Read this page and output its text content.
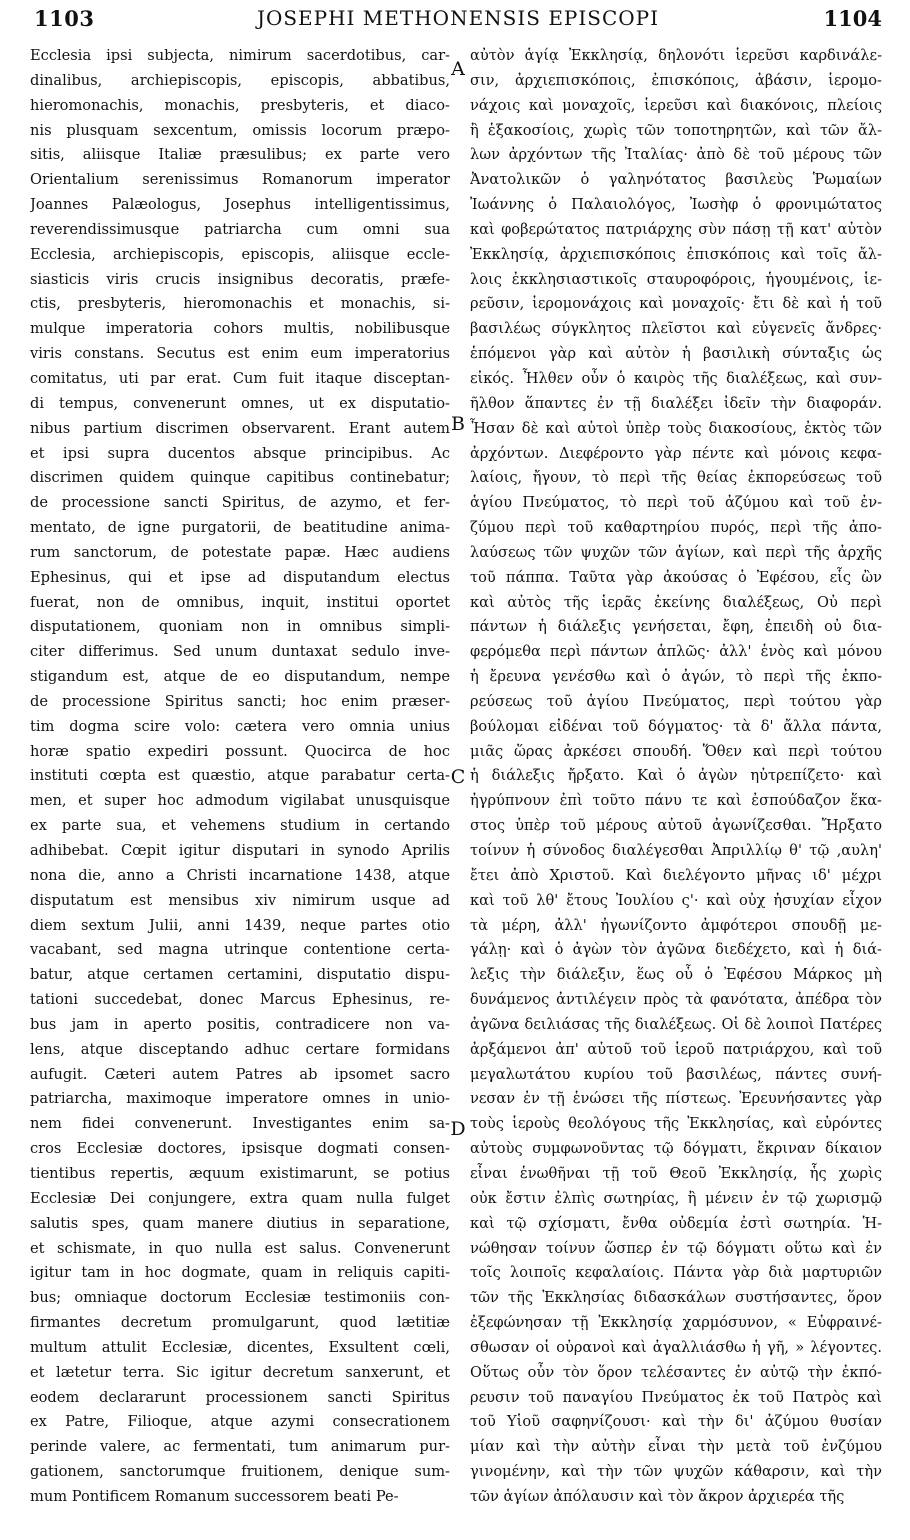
1103	JOSEPHI METHONENSIS EPISCOPI	1104
A
B
C
D
Ecclesia ipsi subjecta, nimirum sacerdotibus, car-
dinalibus, archiepiscopis, episcopis, abbatibus,
hieromonachis, monachis, presbyteris, et diaco-
nis plusquam sexcentum, omissis locorum præpo-
sitis, aliisque Italiæ præsulibus; ex parte vero
Orientalium serenissimus Romanorum imperator
Joannes Palæologus, Josephus intelligentissimus,
reverendissimusque patriarcha cum omni sua
Ecclesia, archiepiscopis, episcopis, aliisque eccle-
siasticis viris crucis insignibus decoratis, præfe-
ctis, presbyteris, hieromonachis et monachis, si-
mulque imperatoria cohors multis, nobilibusque
viris constans. Secutus est enim eum imperatorius
comitatus, uti par erat. Cum fuit itaque disceptan-
di tempus, convenerunt omnes, ut ex disputatio-
nibus partium discrimen observarent. Erant autem
et ipsi supra ducentos absque principibus. Ac
discrimen quidem quinque capitibus continebatur;
de processione sancti Spiritus, de azymo, et fer-
mentato, de igne purgatorii, de beatitudine anima-
rum sanctorum, de potestate papæ. Hæc audiens
Ephesinus, qui et ipse ad disputandum electus
fuerat, non de omnibus, inquit, institui oportet
disputationem, quoniam non in omnibus simpli-
citer differimus. Sed unum duntaxat sedulo inve-
stigandum est, atque de eo disputandum, nempe
de processione Spiritus sancti; hoc enim præser-
tim dogma scire volo: cætera vero omnia unius
horæ spatio expediri possunt. Quocirca de hoc
instituti cœpta est quæstio, atque parabatur certa-
men, et super hoc admodum vigilabat unusquisque
ex parte sua, et vehemens studium in certando
adhibebat. Cœpit igitur disputari in synodo Aprilis
nona die, anno a Christi incarnatione 1438, atque
disputatum est mensibus xiv nimirum usque ad
diem sextum Julii, anni 1439, neque partes otio
vacabant, sed magna utrinque contentione certa-
batur, atque certamen certamini, disputatio dispu-
tationi succedebat, donec Marcus Ephesinus, re-
bus jam in aperto positis, contradicere non va-
lens, atque disceptando adhuc certare formidans
aufugit. Cæteri autem Patres ab ipsomet sacro
patriarcha, maximoque imperatore omnes in unio-
nem fidei convenerunt. Investigantes enim sa-
cros Ecclesiæ doctores, ipsisque dogmati consen-
tientibus repertis, æquum existimarunt, se potius
Ecclesiæ Dei conjungere, extra quam nulla fulget
salutis spes, quam manere diutius in separatione,
et schismate, in quo nulla est salus. Convenerunt
igitur tam in hoc dogmate, quam in reliquis capiti-
bus; omniaque doctorum Ecclesiæ testimoniis con-
firmantes decretum promulgarunt, quod lætitiæ
multum attulit Ecclesiæ, dicentes, Exsultent cœli,
et lætetur terra. Sic igitur decretum sanxerunt, et
eodem declararunt processionem sancti Spiritus
ex Patre, Filioque, atque azymi consecrationem
perinde valere, ac fermentati, tum animarum pur-
gationem, sanctorumque fruitionem, denique sum-
mum Pontificem Romanum successorem beati Pe-
αὐτὸν ἁγίᾳ Ἐκκλησίᾳ, δηλονότι ἱερεῦσι καρδινάλε-
σιν, ἀρχιεπισκόποις, ἐπισκόποις, ἀβάσιν, ἱερομο-
νάχοις καὶ μοναχοῖς, ἱερεῦσι καὶ διακόνοις, πλείοις
ἢ ἑξακοσίοις, χωρὶς τῶν τοποτηρητῶν, καὶ τῶν ἄλ-
λων ἀρχόντων τῆς Ἰταλίας· ἀπὸ δὲ τοῦ μέρους τῶν
Ἀνατολικῶν ὁ γαληνότατος βασιλεὺς Ῥωμαίων
Ἰωάννης ὁ Παλαιολόγος, Ἰωσὴφ ὁ φρονιμώτατος
καὶ φοβερώτατος πατριάρχης σὺν πάσῃ τῇ κατ' αὐτὸν
Ἐκκλησίᾳ, ἀρχιεπισκόποις ἐπισκόποις καὶ τοῖς ἄλ-
λοις ἐκκλησιαστικοῖς σταυροφόροις, ἡγουμένοις, ἱε-
ρεῦσιν, ἱερομονάχοις καὶ μοναχοῖς· ἔτι δὲ καὶ ἡ τοῦ
βασιλέως σύγκλητος πλεῖστοι καὶ εὐγενεῖς ἄνδρες·
ἑπόμενοι γὰρ καὶ αὐτὸν ἡ βασιλικὴ σύνταξις ὡς
εἰκός. Ἦλθεν οὖν ὁ καιρὸς τῆς διαλέξεως, καὶ συν-
ῆλθον ἅπαντες ἐν τῇ διαλέξει ἰδεῖν τὴν διαφοράν.
Ἦσαν δὲ καὶ αὐτοὶ ὑπὲρ τοὺς διακοσίους, ἐκτὸς τῶν
ἀρχόντων. Διεφέροντο γὰρ πέντε καὶ μόνοις κεφα-
λαίοις, ἤγουν, τὸ περὶ τῆς θείας ἐκπορεύσεως τοῦ
ἁγίου Πνεύματος, τὸ περὶ τοῦ ἀζύμου καὶ τοῦ ἐν-
ζύμου περὶ τοῦ καθαρτηρίου πυρός, περὶ τῆς ἀπο-
λαύσεως τῶν ψυχῶν τῶν ἁγίων, καὶ περὶ τῆς ἀρχῆς
τοῦ πάππα. Ταῦτα γὰρ ἀκούσας ὁ Ἐφέσου, εἷς ὢν
καὶ αὐτὸς τῆς ἱερᾶς ἐκείνης διαλέξεως, Οὐ περὶ
πάντων ἡ διάλεξις γενήσεται, ἔφη, ἐπειδὴ οὐ δια-
φερόμεθα περὶ πάντων ἁπλῶς· ἀλλ' ἑνὸς καὶ μόνου
ἡ ἔρευνα γενέσθω καὶ ὁ ἀγών, τὸ περὶ τῆς ἐκπο-
ρεύσεως τοῦ ἁγίου Πνεύματος, περὶ τούτου γὰρ
βούλομαι εἰδέναι τοῦ δόγματος· τὰ δ' ἄλλα πάντα,
μιᾶς ὥρας ἀρκέσει σπουδή. Ὅθεν καὶ περὶ τούτου
ἡ διάλεξις ἤρξατο. Καὶ ὁ ἀγὼν ηὐτρεπίζετο· καὶ
ἠγρύπνουν ἐπὶ τοῦτο πάνυ τε καὶ ἐσπούδαζον ἕκα-
στος ὑπὲρ τοῦ μέρους αὐτοῦ ἀγωνίζεσθαι. Ἤρξατο
τοίνυν ἡ σύνοδος διαλέγεσθαι Ἀπριλλίῳ θ' τῷ ‚αυλη'
ἔτει ἀπὸ Χριστοῦ. Καὶ διελέγοντο μῆνας ιδ' μέχρι
καὶ τοῦ λθ' ἔτους Ἰουλίου ς'· καὶ οὐχ ἡσυχίαν εἶχον
τὰ μέρη, ἀλλ' ἠγωνίζοντο ἀμφότεροι σπουδῇ με-
γάλῃ· καὶ ὁ ἀγὼν τὸν ἀγῶνα διεδέχετο, καὶ ἡ διά-
λεξις τὴν διάλεξιν, ἕως οὗ ὁ Ἐφέσου Μάρκος μὴ
δυνάμενος ἀντιλέγειν πρὸς τὰ φανότατα, ἀπέδρα τὸν
ἀγῶνα δειλιάσας τῆς διαλέξεως. Οἱ δὲ λοιποὶ Πατέρες
ἀρξάμενοι ἀπ' αὐτοῦ τοῦ ἱεροῦ πατριάρχου, καὶ τοῦ
μεγαλωτάτου κυρίου τοῦ βασιλέως, πάντες συνή-
νεσαν ἐν τῇ ἑνώσει τῆς πίστεως. Ἐρευνήσαντες γὰρ
τοὺς ἱεροὺς θεολόγους τῆς Ἐκκλησίας, καὶ εὑρόντες
αὐτοὺς συμφωνοῦντας τῷ δόγματι, ἔκριναν δίκαιον
εἶναι ἑνωθῆναι τῇ τοῦ Θεοῦ Ἐκκλησίᾳ, ἧς χωρὶς
οὐκ ἔστιν ἐλπὶς σωτηρίας, ἢ μένειν ἐν τῷ χωρισμῷ
καὶ τῷ σχίσματι, ἔνθα οὐδεμία ἐστὶ σωτηρία. Ἡ-
νώθησαν τοίνυν ὥσπερ ἐν τῷ δόγματι οὕτω καὶ ἐν
τοῖς λοιποῖς κεφαλαίοις. Πάντα γὰρ διὰ μαρτυριῶν
τῶν τῆς Ἐκκλησίας διδασκάλων συστήσαντες, ὅρον
ἐξεφώνησαν τῇ Ἐκκλησίᾳ χαρμόσυνον, « Εὐφραινέ-
σθωσαν οἱ οὐρανοὶ καὶ ἀγαλλιάσθω ἡ γῆ, » λέγοντες.
Οὕτως οὖν τὸν ὅρον τελέσαντες ἐν αὐτῷ τὴν ἐκπό-
ρευσιν τοῦ παναγίου Πνεύματος ἐκ τοῦ Πατρὸς καὶ
τοῦ Υἱοῦ σαφηνίζουσι· καὶ τὴν δι' ἀζύμου θυσίαν
μίαν καὶ τὴν αὐτὴν εἶναι τὴν μετὰ τοῦ ἐνζύμου
γινομένην, καὶ τὴν τῶν ψυχῶν κάθαρσιν, καὶ τὴν
τῶν ἁγίων ἀπόλαυσιν καὶ τὸν ἄκρον ἀρχιερέα τῆς
